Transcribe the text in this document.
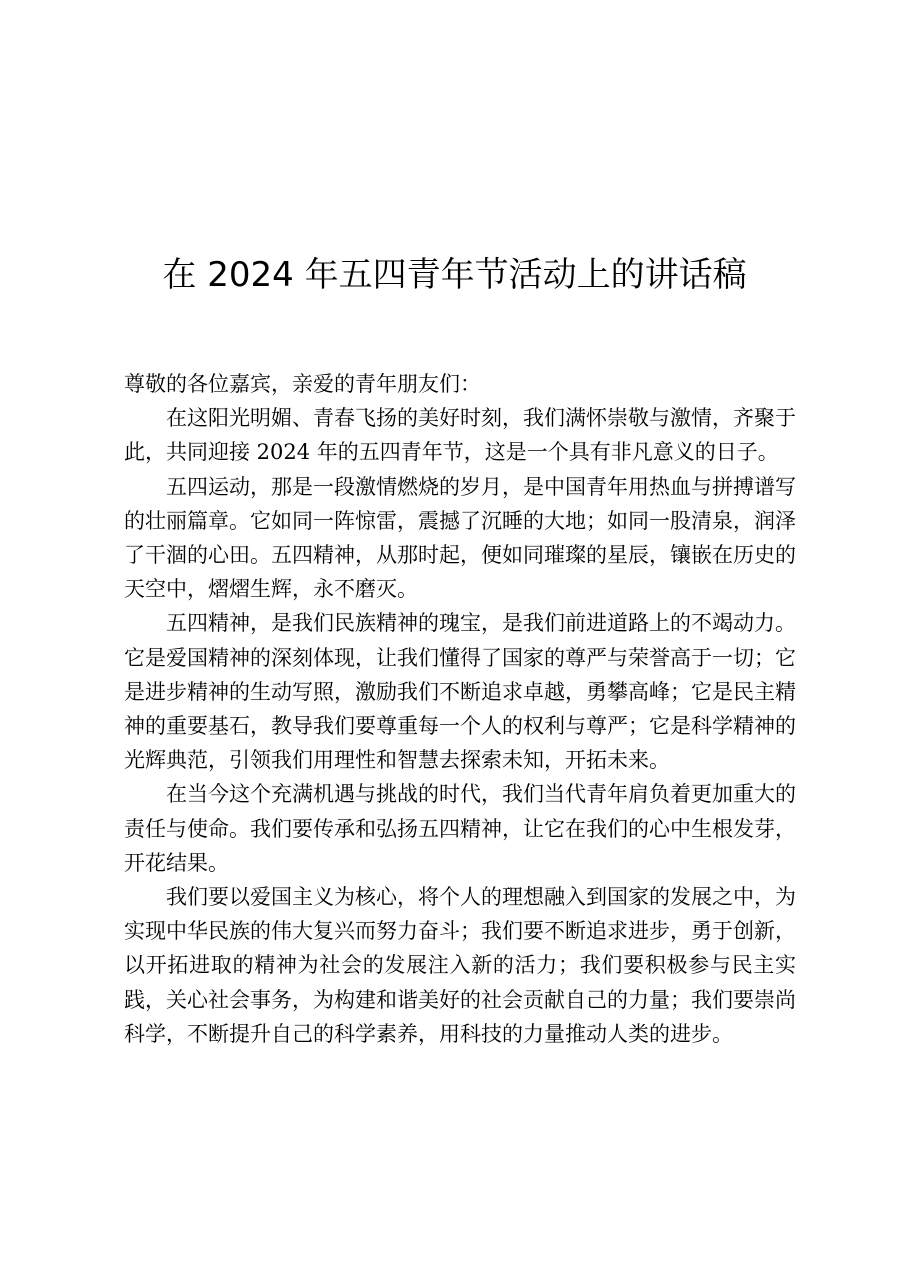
在 2024 年五四青年节活动上的讲话稿

尊敬的各位嘉宾，亲爱的青年朋友们：

在这阳光明媚、青春飞扬的美好时刻，我们满怀崇敬与激情，齐聚于此，共同迎接 2024 年的五四青年节，这是一个具有非凡意义的日子。

五四运动，那是一段激情燃烧的岁月，是中国青年用热血与拼搏谱写的壮丽篇章。它如同一阵惊雷，震撼了沉睡的大地；如同一股清泉，润泽了干涸的心田。五四精神，从那时起，便如同璀璨的星辰，镶嵌在历史的天空中，熠熠生辉，永不磨灭。

五四精神，是我们民族精神的瑰宝，是我们前进道路上的不竭动力。它是爱国精神的深刻体现，让我们懂得了国家的尊严与荣誉高于一切；它是进步精神的生动写照，激励我们不断追求卓越，勇攀高峰；它是民主精神的重要基石，教导我们要尊重每一个人的权利与尊严；它是科学精神的光辉典范，引领我们用理性和智慧去探索未知，开拓未来。

在当今这个充满机遇与挑战的时代，我们当代青年肩负着更加重大的责任与使命。我们要传承和弘扬五四精神，让它在我们的心中生根发芽，开花结果。

我们要以爱国主义为核心，将个人的理想融入到国家的发展之中，为实现中华民族的伟大复兴而努力奋斗；我们要不断追求进步，勇于创新，以开拓进取的精神为社会的发展注入新的活力；我们要积极参与民主实践，关心社会事务，为构建和谐美好的社会贡献自己的力量；我们要崇尚科学，不断提升自己的科学素养，用科技的力量推动人类的进步。
